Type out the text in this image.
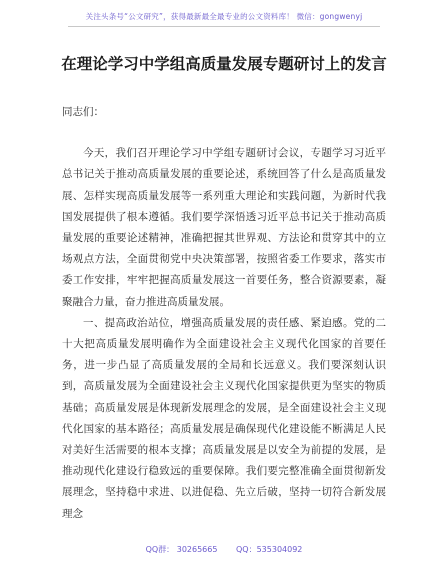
关注头条号“公文研究”，获得最新最全最专业的公文资料库！ 微信：gongwenyj
在理论学习中学组高质量发展专题研讨上的发言

同志们：

今天，我们召开理论学习中学组专题研讨会议，专题学习习近平总书记关于推动高质量发展的重要论述，系统回答了什么是高质量发展、怎样实现高质量发展等一系列重大理论和实践问题，为新时代我国发展提供了根本遵循。我们要学深悟透习近平总书记关于推动高质量发展的重要论述精神，准确把握其世界观、方法论和贯穿其中的立场观点方法，全面贯彻党中央决策部署，按照省委工作要求，落实市委工作安排，牢牢把握高质量发展这一首要任务，整合资源要素，凝聚融合力量，奋力推进高质量发展。

一、提高政治站位，增强高质量发展的责任感、紧迫感。党的二十大把高质量发展明确作为全面建设社会主义现代化国家的首要任务，进一步凸显了高质量发展的全局和长远意义。我们要深刻认识到，高质量发展为全面建设社会主义现代化国家提供更为坚实的物质基础；高质量发展是体现新发展理念的发展，是全面建设社会主义现代化国家的基本路径；高质量发展是确保现代化建设能不断满足人民对美好生活需要的根本支撑；高质量发展是以安全为前提的发展，是推动现代化建设行稳致远的重要保障。我们要完整准确全面贯彻新发展理念，坚持稳中求进、以进促稳、先立后破，坚持一切符合新发展理念

QQ群： 30265665 QQ：535304092
